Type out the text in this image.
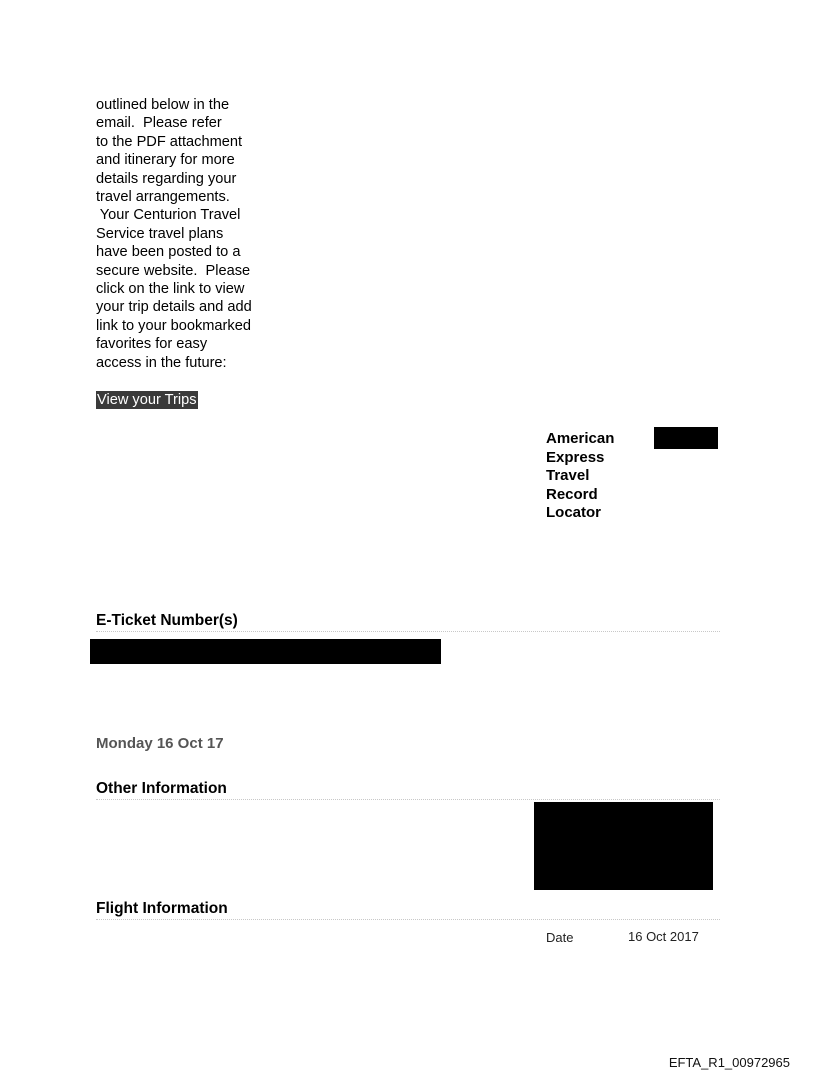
outlined below in the
email.  Please refer
to the PDF attachment
and itinerary for more
details regarding your
travel arrangements.
Your Centurion Travel
Service travel plans
have been posted to a
secure website.  Please
click on the link to view
your trip details and add
link to your bookmarked
favorites for easy
access in the future:
View your Trips
American
Express
Travel
Record
Locator
E-Ticket Number(s)
Monday 16 Oct 17
Other Information
Flight Information
Date	16 Oct 2017
EFTA_R1_00972965
